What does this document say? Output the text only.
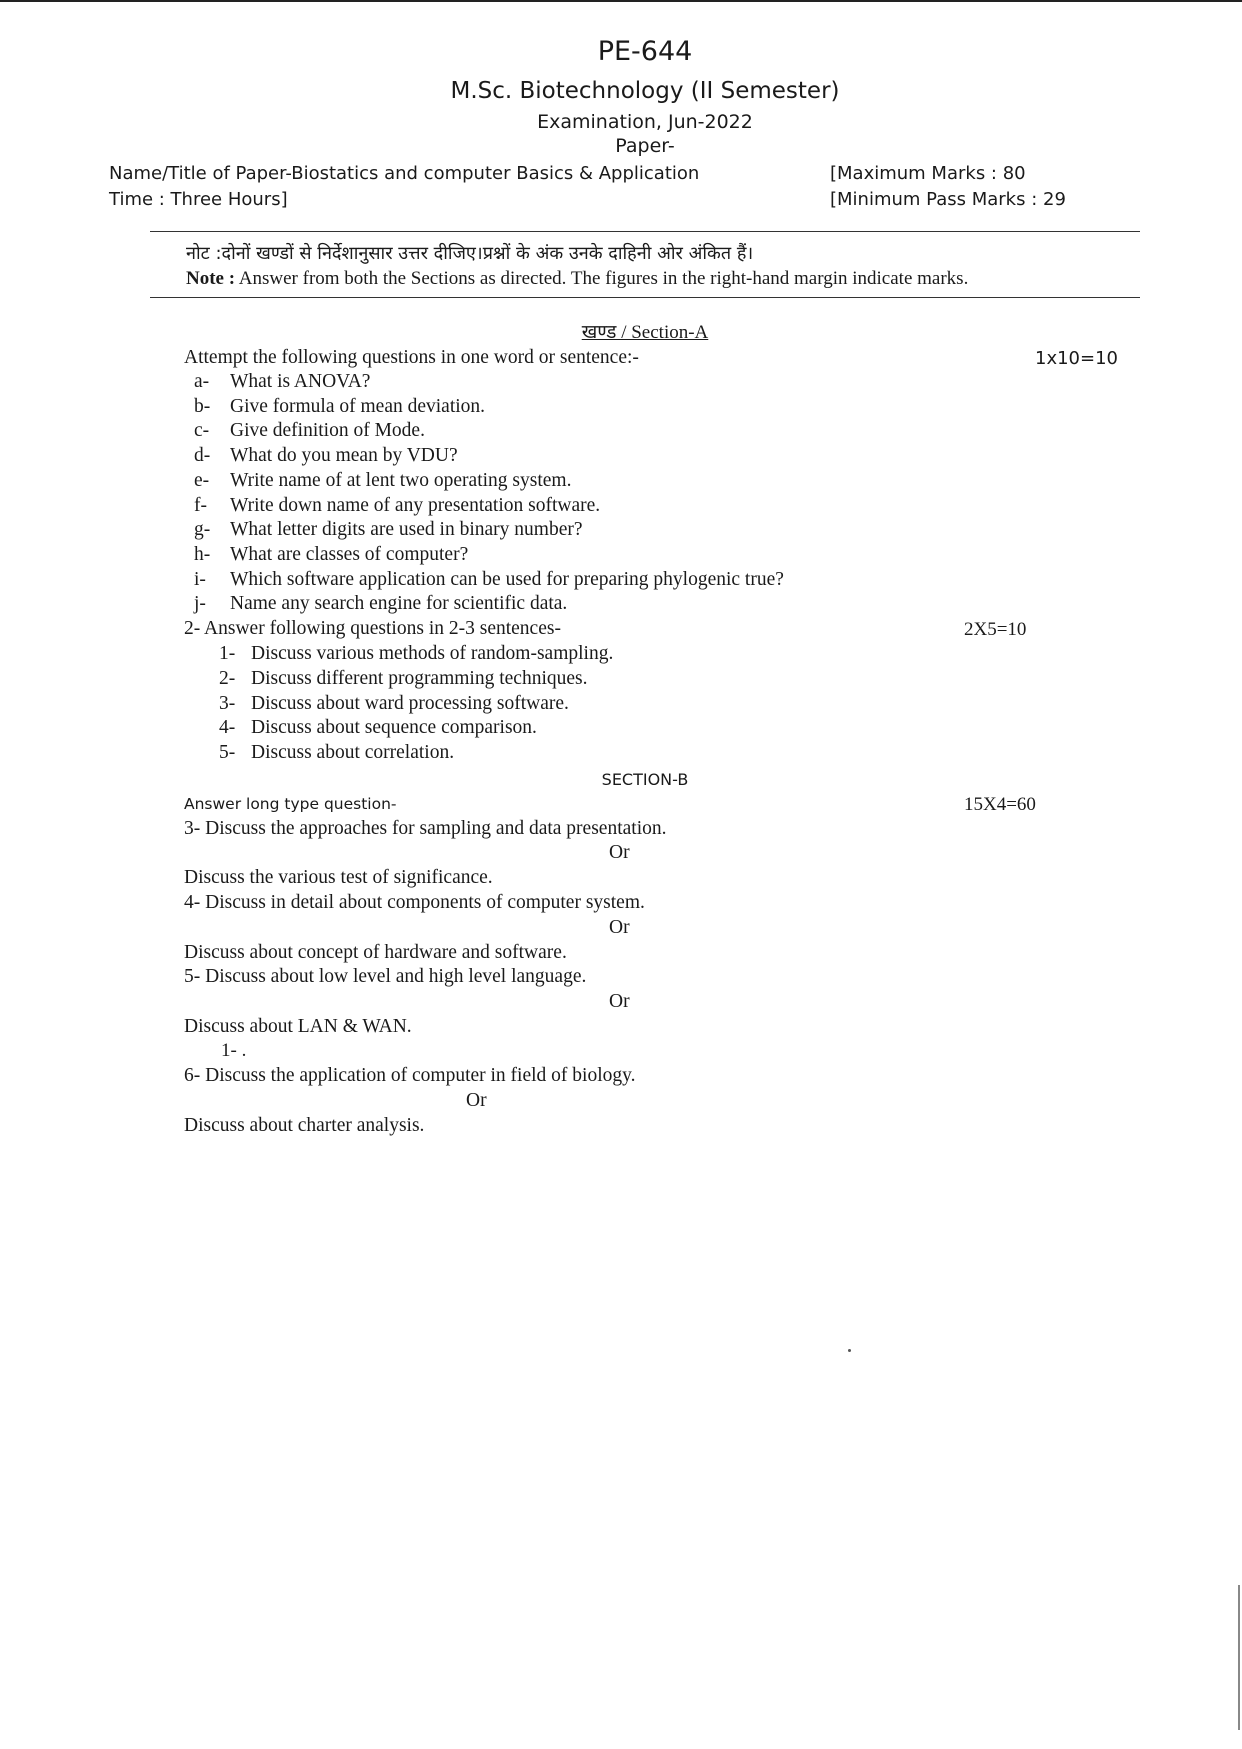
PE-644
M.Sc. Biotechnology (II Semester)
Examination, Jun-2022
Paper-
Name/Title of Paper-Biostatics and computer Basics & Application	[Maximum Marks : 80
Time : Three Hours]	[Minimum Pass Marks : 29
नोट :दोनों खण्डों से निर्देशानुसार उत्तर दीजिए।प्रश्नों के अंक उनके दाहिनी ओर अंकित हैं।
Note : Answer from both the Sections as directed. The figures in the right-hand margin indicate marks.
खण्ड / Section-A
Attempt the following questions in one word or sentence:-	1x10=10
a- What is ANOVA?
b- Give formula of mean deviation.
c- Give definition of Mode.
d- What do you mean by VDU?
e- Write name of at lent two operating system.
f- Write down name of any presentation software.
g- What letter digits are used in binary number?
h- What are classes of computer?
i- Which software application can be used for preparing phylogenic true?
j- Name any search engine for scientific data.
2- Answer following questions in 2-3 sentences-	2X5=10
1- Discuss various methods of random-sampling.
2- Discuss different programming techniques.
3- Discuss about ward processing software.
4- Discuss about sequence comparison.
5- Discuss about correlation.
SECTION-B
Answer long type question-	15X4=60
3- Discuss the approaches for sampling and data presentation.
Or
Discuss the various test of significance.
4- Discuss in detail about components of computer system.
Or
Discuss about concept of hardware and software.
5- Discuss about low level and high level language.
Or
Discuss about LAN & WAN.
1- .
6- Discuss the application of computer in field of biology.
Or
Discuss about charter analysis.
